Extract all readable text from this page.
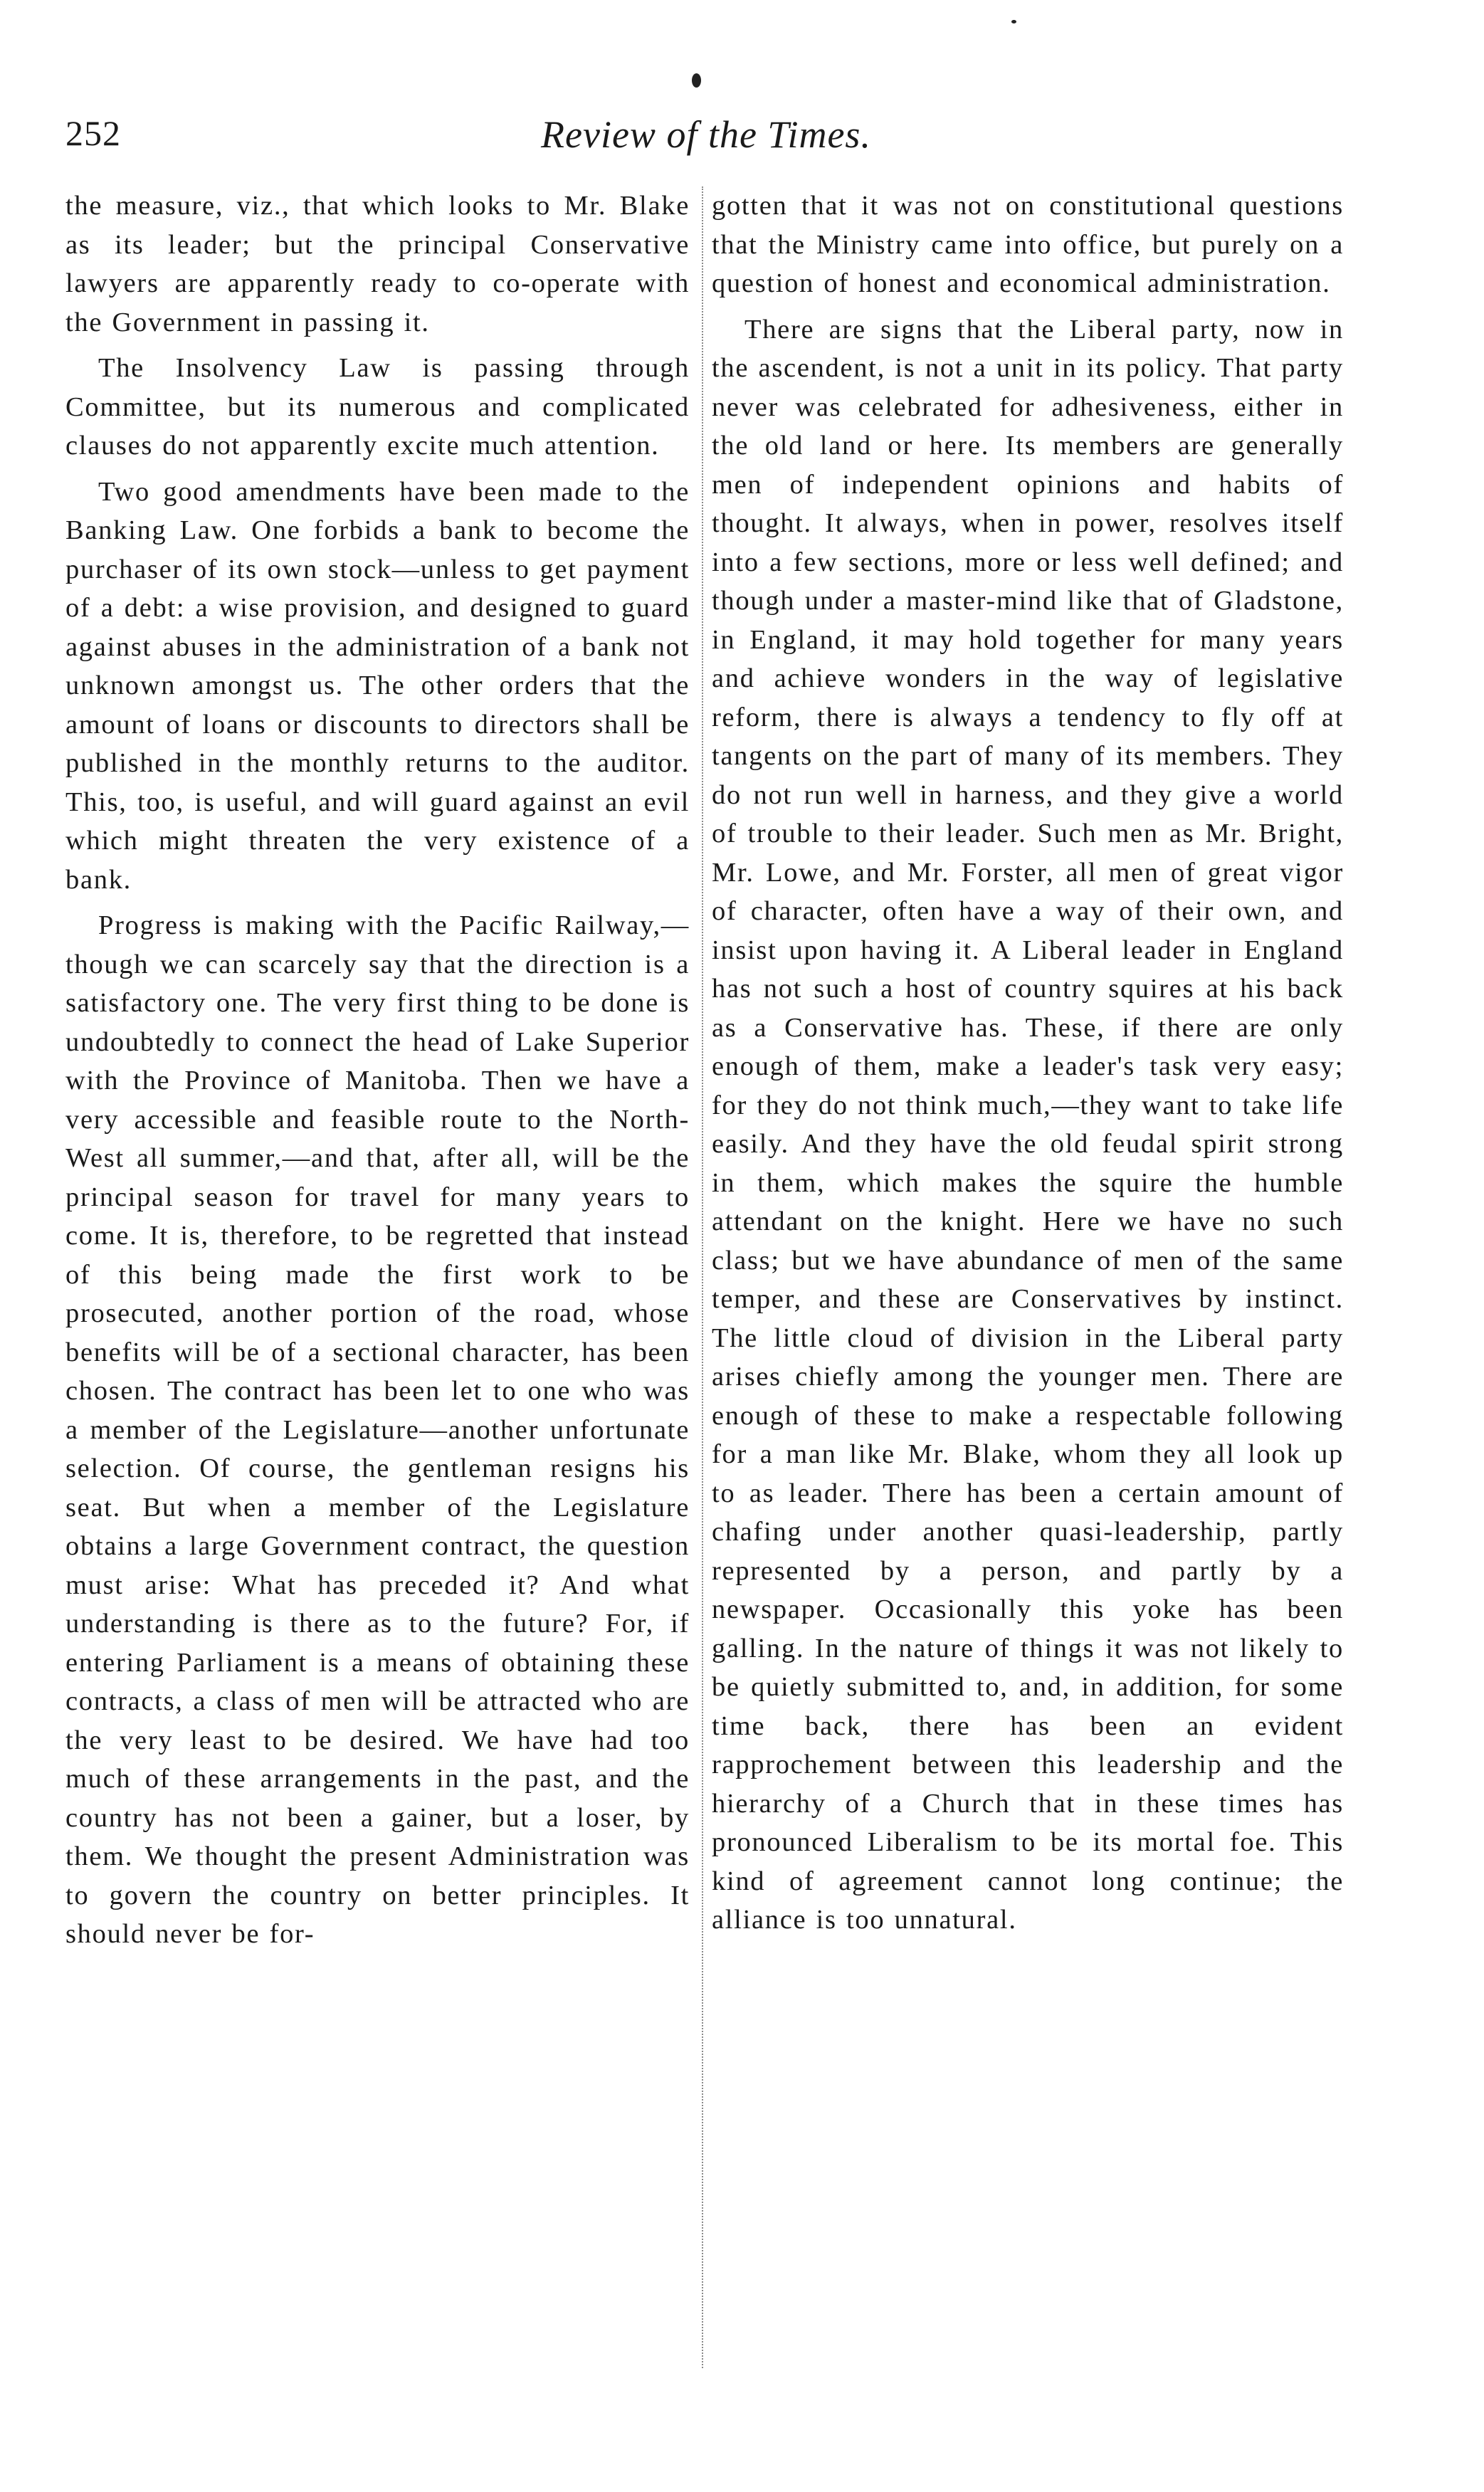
252	Review of the Times.

the measure, viz., that which looks to Mr. Blake as its leader; but the principal Conservative lawyers are apparently ready to co-operate with the Government in passing it.

The Insolvency Law is passing through Committee, but its numerous and complicated clauses do not apparently excite much attention.

Two good amendments have been made to the Banking Law. One forbids a bank to become the purchaser of its own stock—unless to get payment of a debt: a wise provision, and designed to guard against abuses in the administration of a bank not unknown amongst us. The other orders that the amount of loans or discounts to directors shall be published in the monthly returns to the auditor. This, too, is useful, and will guard against an evil which might threaten the very existence of a bank.

Progress is making with the Pacific Railway,—though we can scarcely say that the direction is a satisfactory one. The very first thing to be done is undoubtedly to connect the head of Lake Superior with the Province of Manitoba. Then we have a very accessible and feasible route to the North-West all summer,—and that, after all, will be the principal season for travel for many years to come. It is, therefore, to be regretted that instead of this being made the first work to be prosecuted, another portion of the road, whose benefits will be of a sectional character, has been chosen. The contract has been let to one who was a member of the Legislature—another unfortunate selection. Of course, the gentleman resigns his seat. But when a member of the Legislature obtains a large Government contract, the question must arise: What has preceded it? And what understanding is there as to the future? For, if entering Parliament is a means of obtaining these contracts, a class of men will be attracted who are the very least to be desired. We have had too much of these arrangements in the past, and the country has not been a gainer, but a loser, by them. We thought the present Administration was to govern the country on better principles. It should never be for-

gotten that it was not on constitutional questions that the Ministry came into office, but purely on a question of honest and economical administration.

There are signs that the Liberal party, now in the ascendent, is not a unit in its policy. That party never was celebrated for adhesiveness, either in the old land or here. Its members are generally men of independent opinions and habits of thought. It always, when in power, resolves itself into a few sections, more or less well defined; and though under a master-mind like that of Gladstone, in England, it may hold together for many years and achieve wonders in the way of legislative reform, there is always a tendency to fly off at tangents on the part of many of its members. They do not run well in harness, and they give a world of trouble to their leader. Such men as Mr. Bright, Mr. Lowe, and Mr. Forster, all men of great vigor of character, often have a way of their own, and insist upon having it. A Liberal leader in England has not such a host of country squires at his back as a Conservative has. These, if there are only enough of them, make a leader's task very easy; for they do not think much,—they want to take life easily. And they have the old feudal spirit strong in them, which makes the squire the humble attendant on the knight. Here we have no such class; but we have abundance of men of the same temper, and these are Conservatives by instinct. The little cloud of division in the Liberal party arises chiefly among the younger men. There are enough of these to make a respectable following for a man like Mr. Blake, whom they all look up to as leader. There has been a certain amount of chafing under another quasi-leadership, partly represented by a person, and partly by a newspaper. Occasionally this yoke has been galling. In the nature of things it was not likely to be quietly submitted to, and, in addition, for some time back, there has been an evident rapprochement between this leadership and the hierarchy of a Church that in these times has pronounced Liberalism to be its mortal foe. This kind of agreement cannot long continue; the alliance is too unnatural.
